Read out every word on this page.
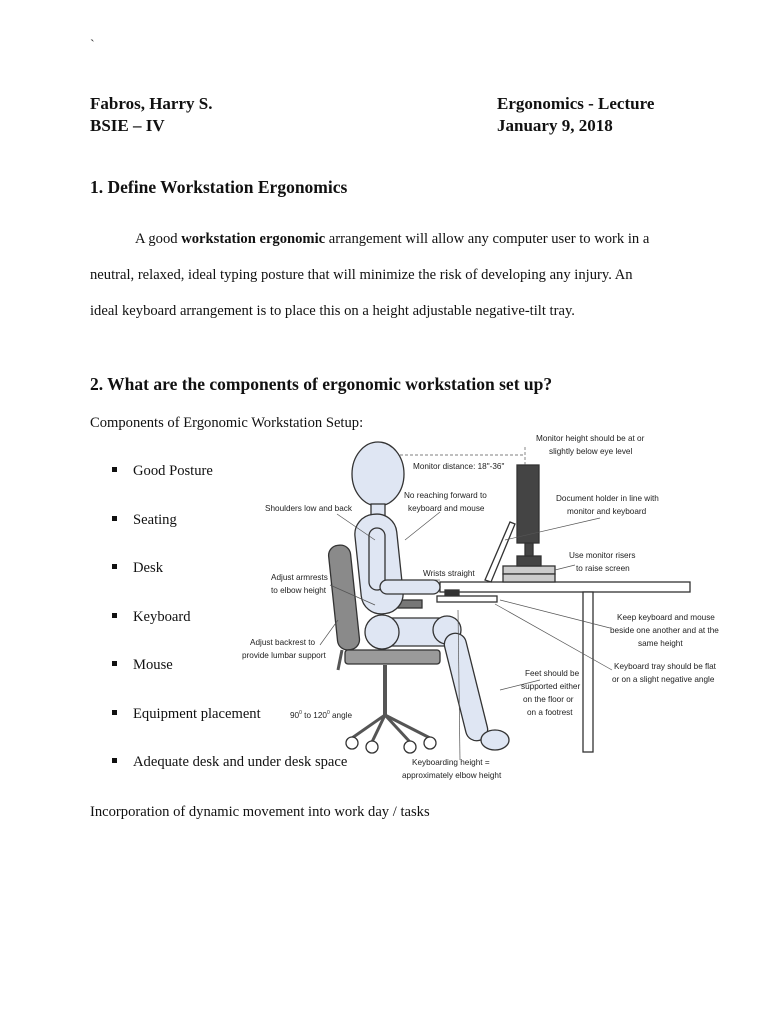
`
Fabros, Harry S.
BSIE – IV
Ergonomics - Lecture
January 9, 2018
1. Define Workstation Ergonomics
A good workstation ergonomic arrangement will allow any computer user to work in a
neutral, relaxed, ideal typing posture that will minimize the risk of developing any injury. An
ideal keyboard arrangement is to place this on a height adjustable negative-tilt tray.
2. What are the components of ergonomic workstation set up?
Components of Ergonomic Workstation Setup:
Good Posture
Seating
Desk
Keyboard
Mouse
Equipment placement
Adequate desk and under desk space
Incorporation of dynamic movement into work day / tasks
Monitor height should be at or
slightly below eye level
Monitor distance: 18"-36"
No reaching forward to
keyboard and mouse
Shoulders low and back
Document holder in line with
monitor and keyboard
Use monitor risers
to raise screen
Wrists straight
Adjust armrests
to elbow height
Keep keyboard and mouse
beside one another and at the
same height
Adjust backrest to
provide lumbar support
Keyboard tray should be flat
or on a slight negative angle
Feet should be
supported either
on the floor or
on a footrest
$90^0$ to $120^0$ angle
Keyboarding height =
approximately elbow height
